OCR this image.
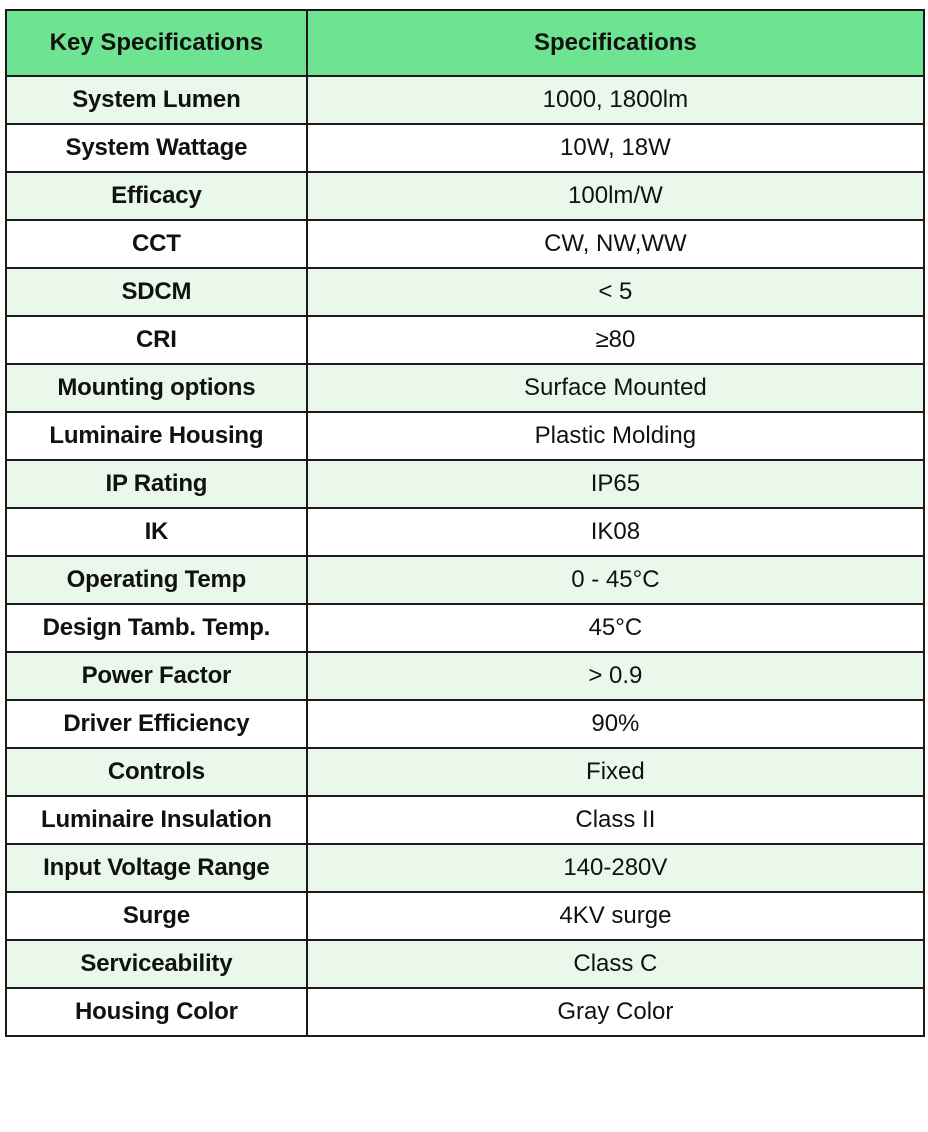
Key Specifications	Specifications
System Lumen	1000, 1800lm
System Wattage	10W, 18W
Efficacy	100lm/W
CCT	CW, NW,WW
SDCM	< 5
CRI	≥80
Mounting options	Surface Mounted
Luminaire Housing	Plastic Molding
IP Rating	IP65
IK	IK08
Operating Temp	0 - 45°C
Design Tamb. Temp.	45°C
Power Factor	> 0.9
Driver Efficiency	90%
Controls	Fixed
Luminaire Insulation	Class II
Input Voltage Range	140-280V
Surge	4KV surge
Serviceability	Class C
Housing Color	Gray Color
